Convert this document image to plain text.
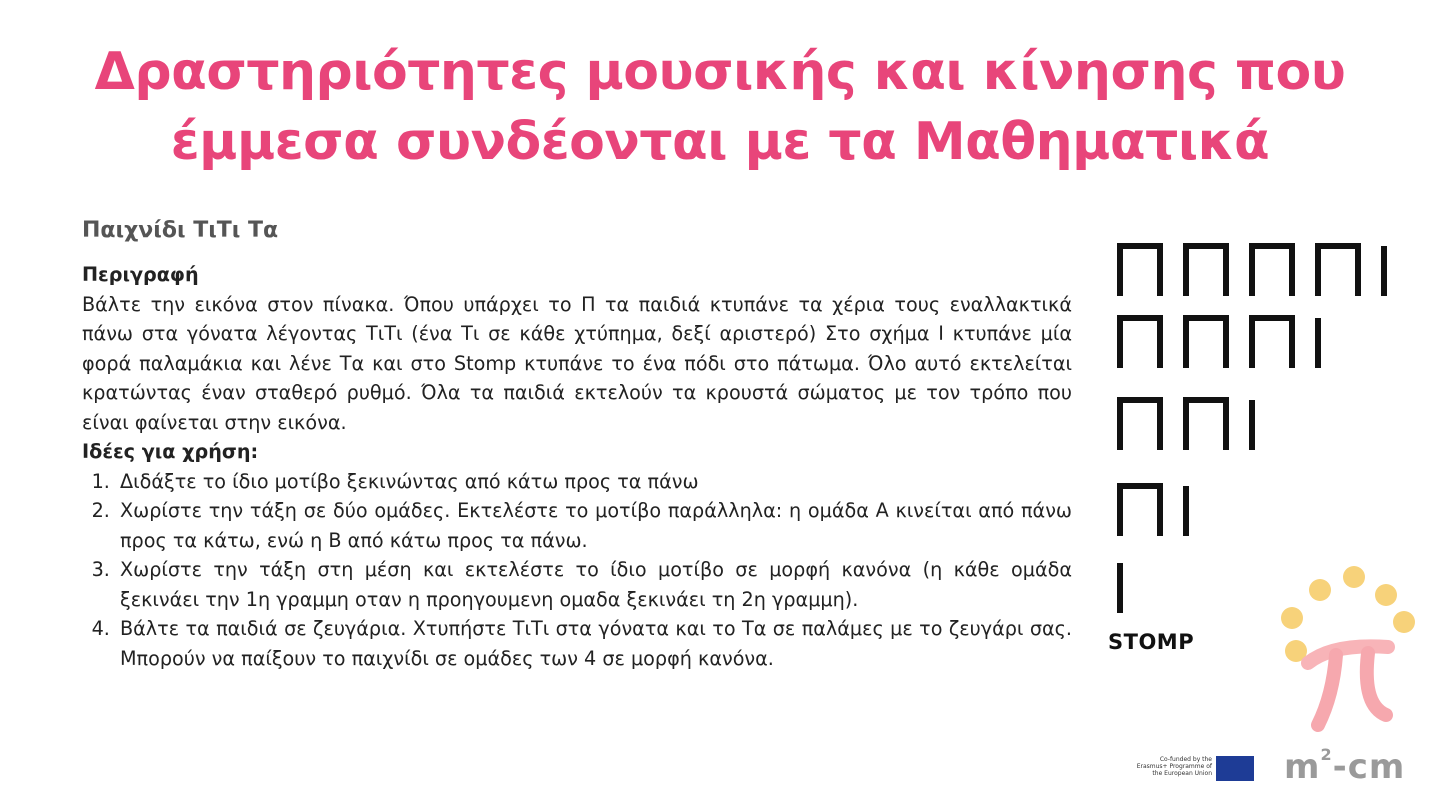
Δραστηριότητες μουσικής και κίνησης που
έμμεσα συνδέονται με τα Μαθηματικά
Παιχνίδι ΤιΤι Τα

Περιγραφή

Βάλτε την εικόνα στον πίνακα. Όπου υπάρχει το Π τα παιδιά κτυπάνε τα χέρια τους εναλλακτικά πάνω στα γόνατα λέγοντας ΤιΤι (ένα Τι σε κάθε χτύπημα, δεξί αριστερό) Στο σχήμα Ι κτυπάνε μία φορά παλαμάκια και λένε Τα και στο Stomp κτυπάνε το ένα πόδι στο πάτωμα. Όλο αυτό εκτελείται κρατώντας έναν σταθερό ρυθμό. Όλα τα παιδιά εκτελούν τα κρουστά σώματος με τον τρόπο που είναι φαίνεται στην εικόνα.

Ιδέες για χρήση:

1. Διδάξτε το ίδιο μοτίβο ξεκινώντας από κάτω προς τα πάνω
2. Χωρίστε την τάξη σε δύο ομάδες. Εκτελέστε το μοτίβο παράλληλα: η ομάδα Α κινείται από πάνω προς τα κάτω, ενώ η Β από κάτω προς τα πάνω.
3. Χωρίστε την τάξη στη μέση και εκτελέστε το ίδιο μοτίβο σε μορφή κανόνα (η κάθε ομάδα ξεκινάει την 1η γραμμη οταν η προηγουμενη ομαδα ξεκινάει τη 2η γραμμη).
4. Βάλτε τα παιδιά σε ζευγάρια. Χτυπήστε ΤιΤι στα γόνατα και το Τα σε παλάμες με το ζευγάρι σας. Μπορούν να παίξουν το παιχνίδι σε ομάδες των 4 σε μορφή κανόνα.
STOMP
Co-funded by the Erasmus+ Programme of the European Union $m^2-cm$
